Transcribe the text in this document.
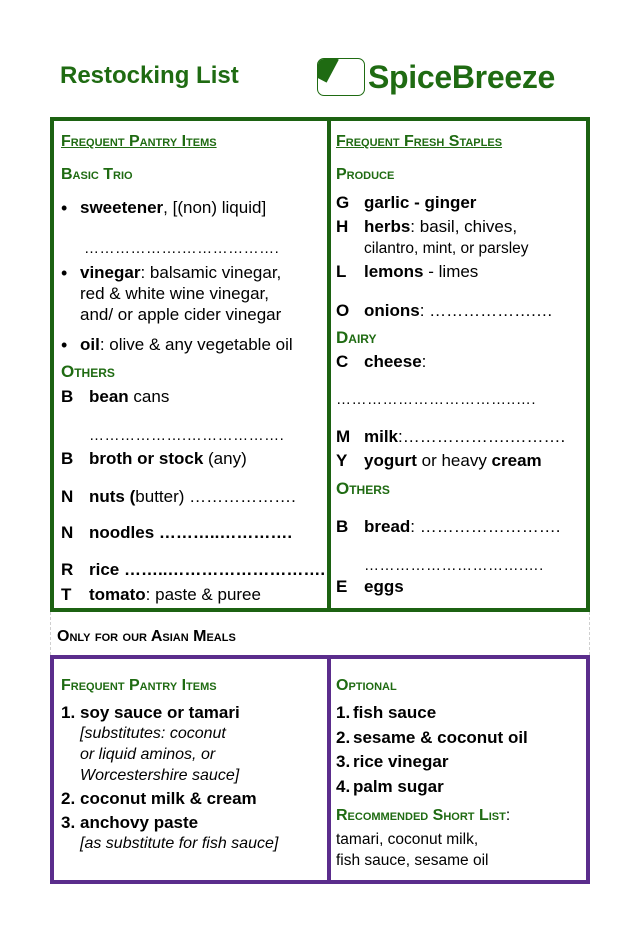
Restocking List	SpiceBreeze
Frequent Pantry Items
Basic Trio
• sweetener, [(non) liquid]
……………….……………….
• vinegar: balsamic vinegar,
red & white wine vinegar,
and/ or apple cider vinegar
• oil: olive & any vegetable oil
Others
B bean cans
……………….……………….
B broth or stock (any)
N nuts (butter) ……………….
N noodles ………..………….
R rice ……..……………………….
T tomato: paste & puree
Frequent Fresh Staples
Produce
G garlic - ginger
H herbs: basil, chives,
cilantro, mint, or parsley
L lemons - limes
O onions: ……………….…
Dairy
C cheese:
……………………………..….
M milk:……………….……….
Y yogurt or heavy cream
Others
B bread: …………………….
………………………….….
E eggs
Only for our Asian Meals
Frequent Pantry Items
1. soy sauce or tamari
[substitutes: coconut
or liquid aminos, or
Worcestershire sauce]
2. coconut milk & cream
3. anchovy paste
[as substitute for fish sauce]
Optional
1. fish sauce
2. sesame & coconut oil
3. rice vinegar
4. palm sugar
Recommended Short List:
tamari, coconut milk,
fish sauce, sesame oil
